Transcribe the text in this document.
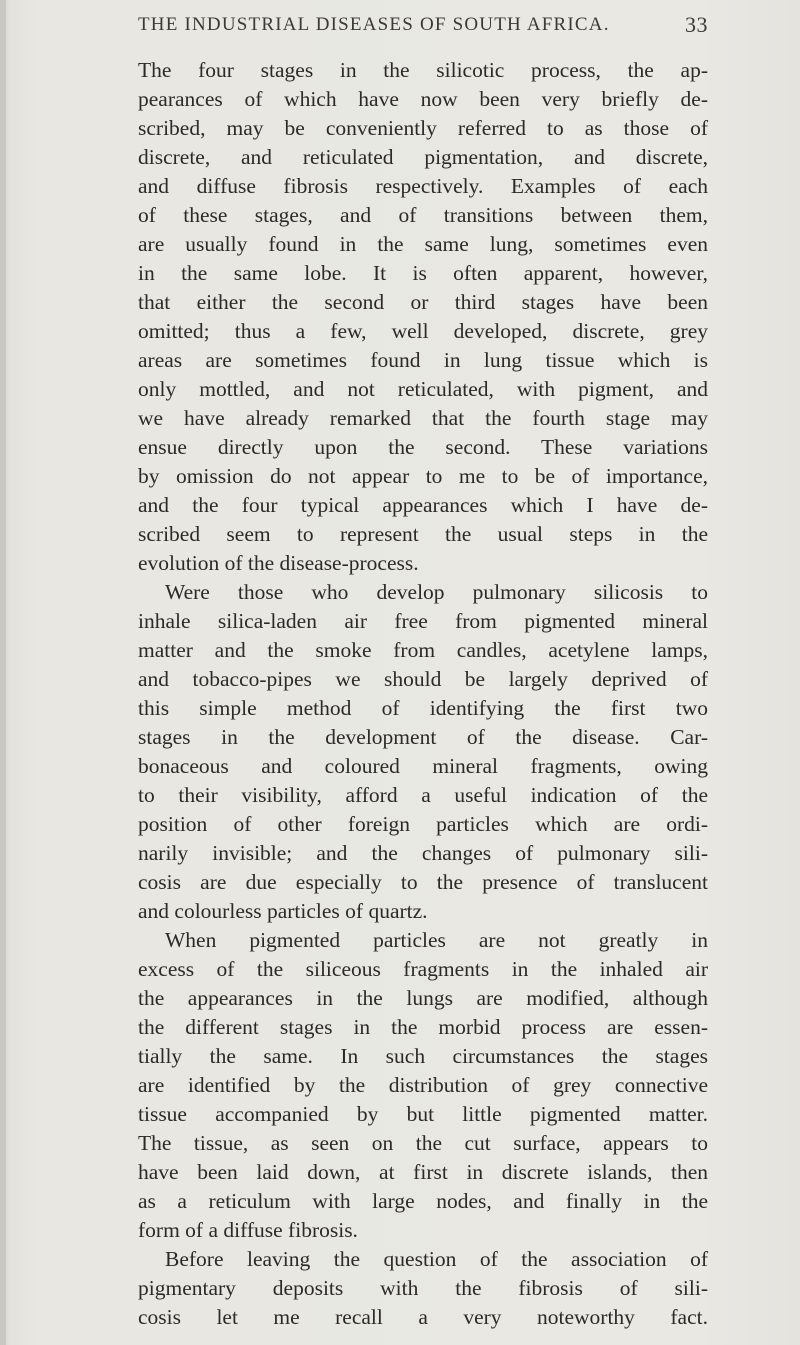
THE INDUSTRIAL DISEASES OF SOUTH AFRICA.	33
The four stages in the silicotic process, the ap-
pearances of which have now been very briefly de-
scribed, may be conveniently referred to as those of
discrete, and reticulated pigmentation, and discrete,
and diffuse fibrosis respectively. Examples of each
of these stages, and of transitions between them,
are usually found in the same lung, sometimes even
in the same lobe. It is often apparent, however,
that either the second or third stages have been
omitted; thus a few, well developed, discrete, grey
areas are sometimes found in lung tissue which is
only mottled, and not reticulated, with pigment, and
we have already remarked that the fourth stage may
ensue directly upon the second. These variations
by omission do not appear to me to be of importance,
and the four typical appearances which I have de-
scribed seem to represent the usual steps in the
evolution of the disease-process.
Were those who develop pulmonary silicosis to
inhale silica-laden air free from pigmented mineral
matter and the smoke from candles, acetylene lamps,
and tobacco-pipes we should be largely deprived of
this simple method of identifying the first two
stages in the development of the disease. Car-
bonaceous and coloured mineral fragments, owing
to their visibility, afford a useful indication of the
position of other foreign particles which are ordi-
narily invisible; and the changes of pulmonary sili-
cosis are due especially to the presence of translucent
and colourless particles of quartz.
When pigmented particles are not greatly in
excess of the siliceous fragments in the inhaled air
the appearances in the lungs are modified, although
the different stages in the morbid process are essen-
tially the same. In such circumstances the stages
are identified by the distribution of grey connective
tissue accompanied by but little pigmented matter.
The tissue, as seen on the cut surface, appears to
have been laid down, at first in discrete islands, then
as a reticulum with large nodes, and finally in the
form of a diffuse fibrosis.
Before leaving the question of the association of
pigmentary deposits with the fibrosis of sili-
cosis let me recall a very noteworthy fact.
